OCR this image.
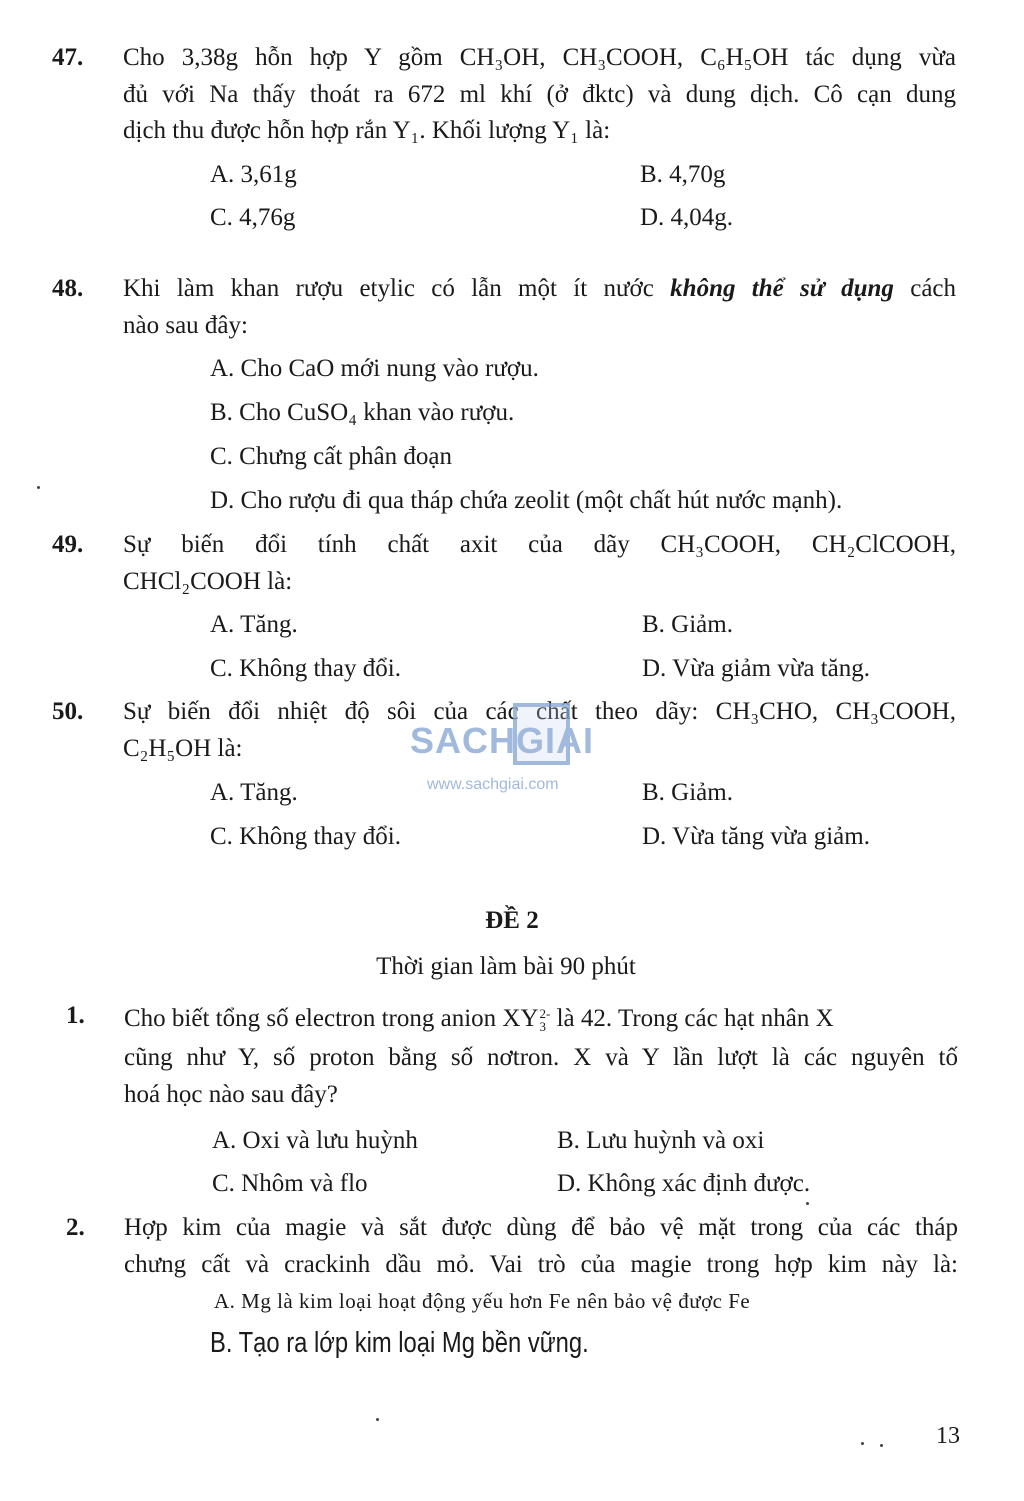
47. Cho 3,38g hỗn hợp Y gồm CH₃OH, CH₃COOH, C₆H₅OH tác dụng vừa
đủ với Na thấy thoát ra 672 ml khí (ở đktc) và dung dịch. Cô cạn dung
dịch thu được hỗn hợp rắn Y₁. Khối lượng Y₁ là:
A. 3,61g	B. 4,70g
C. 4,76g	D. 4,04g.
48. Khi làm khan rượu etylic có lẫn một ít nước không thể sử dụng cách
nào sau đây:
A. Cho CaO mới nung vào rượu.
B. Cho CuSO₄ khan vào rượu.
C. Chưng cất phân đoạn
D. Cho rượu đi qua tháp chứa zeolit (một chất hút nước mạnh).
49. Sự biến đổi tính chất axit của dãy CH₃COOH, CH₂ClCOOH,
CHCl₂COOH là:
A. Tăng.	B. Giảm.
C. Không thay đổi.	D. Vừa giảm vừa tăng.
50. Sự biến đổi nhiệt độ sôi của các chất theo dãy: CH₃CHO, CH₃COOH,
C₂H₅OH là:
A. Tăng.	B. Giảm.
C. Không thay đổi.	D. Vừa tăng vừa giảm.
SACHGIAI
www.sachgiai.com
ĐỀ 2
Thời gian làm bài 90 phút
1. Cho biết tổng số electron trong anion XY 2-
3 là 42. Trong các hạt nhân X
cũng như Y, số proton bằng số nơtron. X và Y lần lượt là các nguyên tố
hoá học nào sau đây?
A. Oxi và lưu huỳnh	B. Lưu huỳnh và oxi
C. Nhôm và flo	D. Không xác định được.
2. Hợp kim của magie và sắt được dùng để bảo vệ mặt trong của các tháp
chưng cất và crackinh dầu mỏ. Vai trò của magie trong hợp kim này là:
A. Mg là kim loại hoạt động yếu hơn Fe nên bảo vệ được Fe
B. Tạo ra lớp kim loại Mg bền vững.
13
